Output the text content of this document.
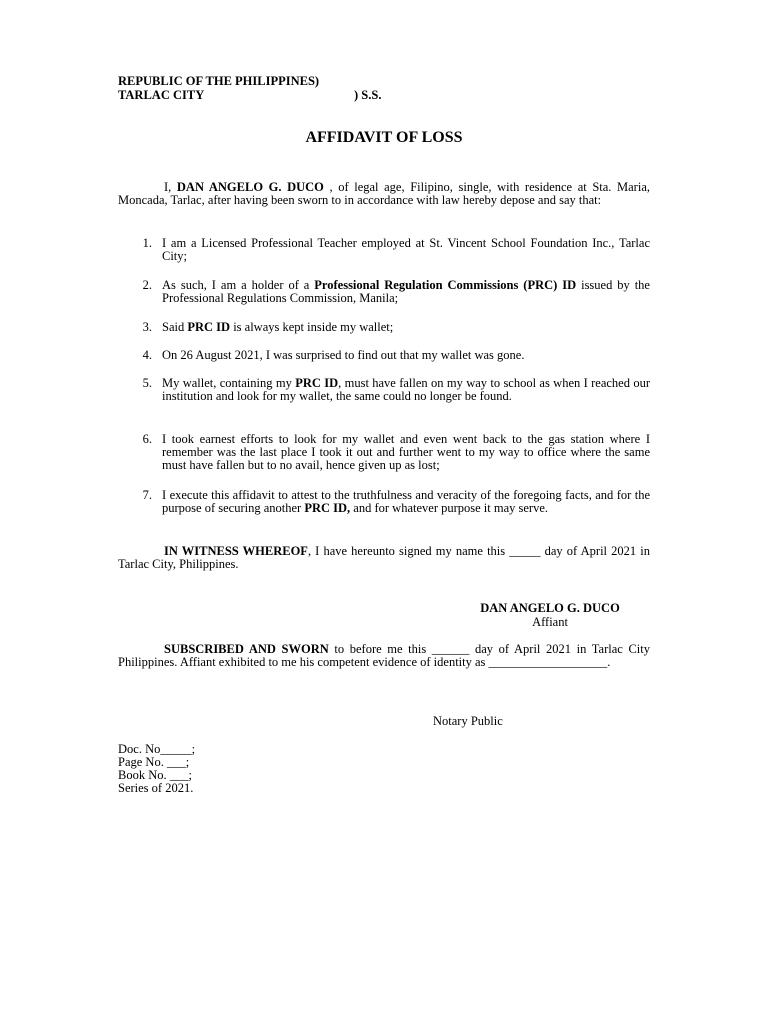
REPUBLIC OF THE PHILIPPINES)
TARLAC CITY	) S.S.
AFFIDAVIT OF LOSS
I, DAN ANGELO G. DUCO , of legal age, Filipino, single, with residence at Sta. Maria, Moncada, Tarlac, after having been sworn to in accordance with law hereby depose and say that:
1. I am a Licensed Professional Teacher employed at St. Vincent School Foundation Inc., Tarlac City;
2. As such, I am a holder of a Professional Regulation Commissions (PRC) ID issued by the Professional Regulations Commission, Manila;
3. Said PRC ID is always kept inside my wallet;
4. On 26 August 2021, I was surprised to find out that my wallet was gone.
5. My wallet, containing my PRC ID, must have fallen on my way to school as when I reached our institution and look for my wallet, the same could no longer be found.
6. I took earnest efforts to look for my wallet and even went back to the gas station where I remember was the last place I took it out and further went to my way to office where the same must have fallen but to no avail, hence given up as lost;
7. I execute this affidavit to attest to the truthfulness and veracity of the foregoing facts, and for the purpose of securing another PRC ID, and for whatever purpose it may serve.
IN WITNESS WHEREOF, I have hereunto signed my name this _____ day of April 2021 in Tarlac City, Philippines.
DAN ANGELO G. DUCO
Affiant
SUBSCRIBED AND SWORN to before me this ______ day of April 2021 in Tarlac City Philippines. Affiant exhibited to me his competent evidence of identity as ___________________.
Notary Public
Doc. No_____;
Page No. ___;
Book No. ___;
Series of 2021.
